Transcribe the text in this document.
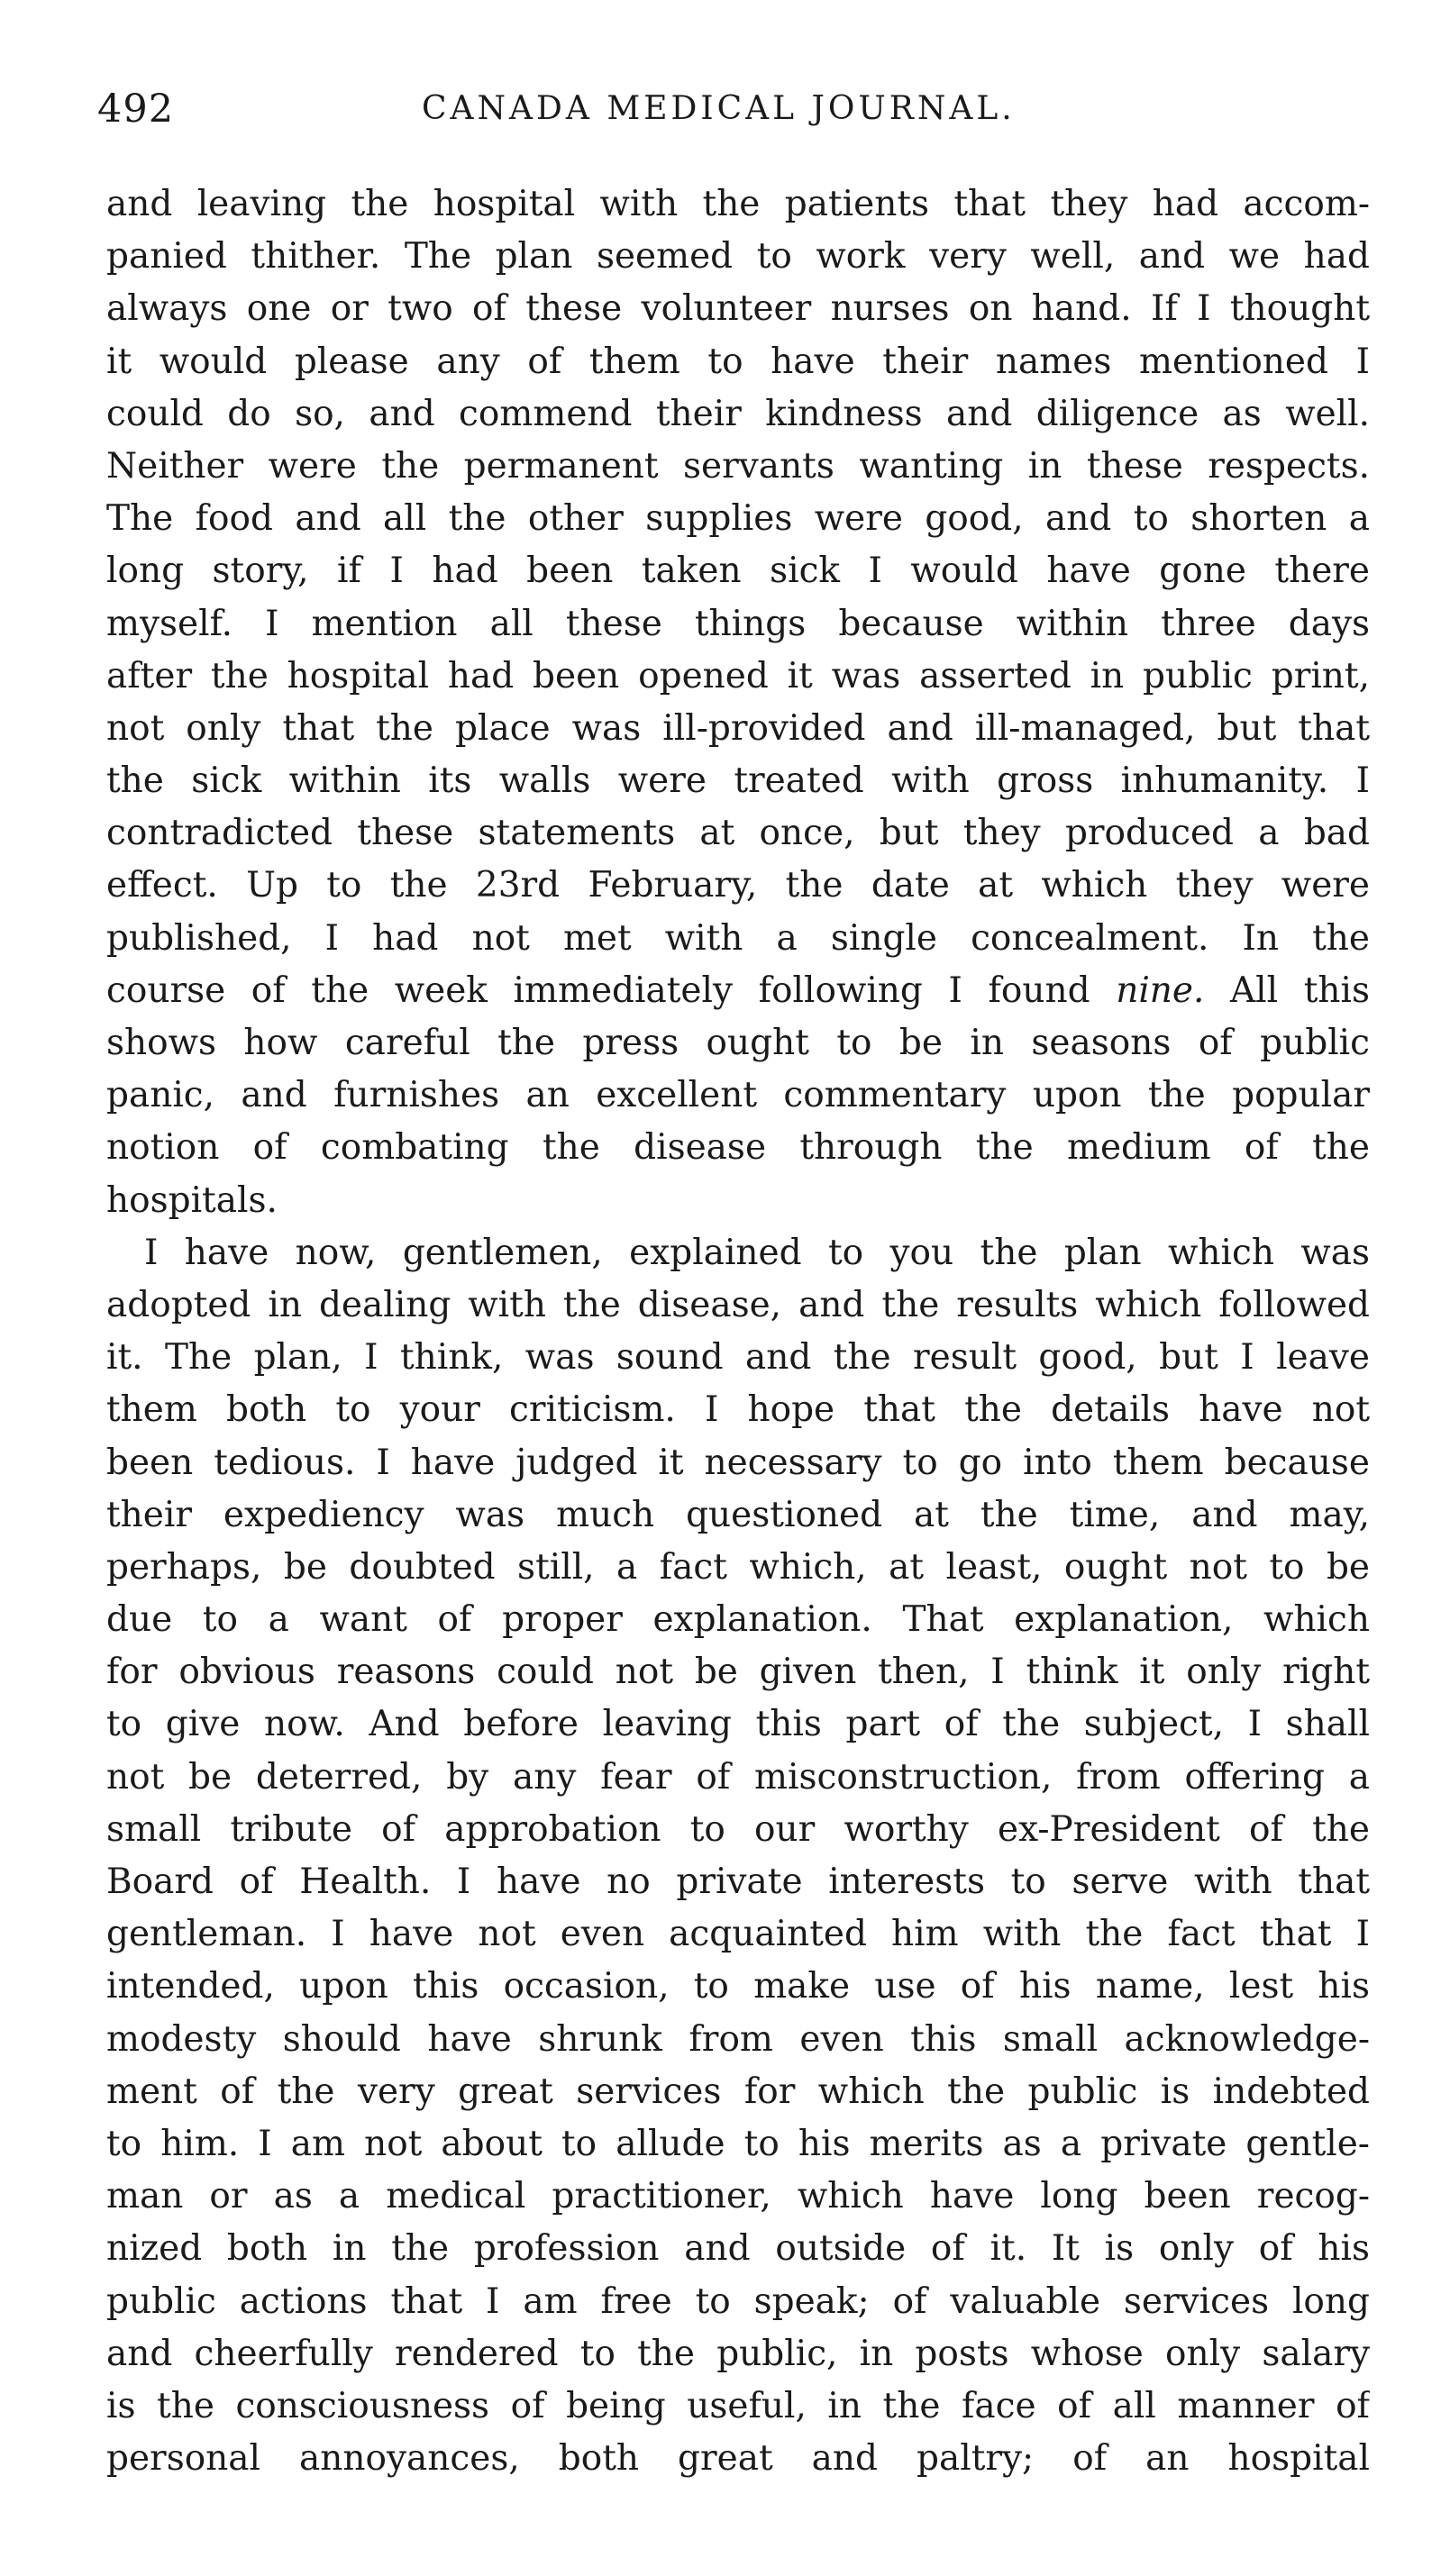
492	CANADA MEDICAL JOURNAL.
and leaving the hospital with the patients that they had accom-
panied thither. The plan seemed to work very well, and we had
always one or two of these volunteer nurses on hand. If I thought
it would please any of them to have their names mentioned I
could do so, and commend their kindness and diligence as well.
Neither were the permanent servants wanting in these respects.
The food and all the other supplies were good, and to shorten a
long story, if I had been taken sick I would have gone there
myself. I mention all these things because within three days
after the hospital had been opened it was asserted in public print,
not only that the place was ill-provided and ill-managed, but that
the sick within its walls were treated with gross inhumanity. I
contradicted these statements at once, but they produced a bad
effect. Up to the 23rd February, the date at which they were
published, I had not met with a single concealment. In the
course of the week immediately following I found nine. All this
shows how careful the press ought to be in seasons of public
panic, and furnishes an excellent commentary upon the popular
notion of combating the disease through the medium of the
hospitals.
I have now, gentlemen, explained to you the plan which was
adopted in dealing with the disease, and the results which followed
it. The plan, I think, was sound and the result good, but I leave
them both to your criticism. I hope that the details have not
been tedious. I have judged it necessary to go into them because
their expediency was much questioned at the time, and may,
perhaps, be doubted still, a fact which, at least, ought not to be
due to a want of proper explanation. That explanation, which
for obvious reasons could not be given then, I think it only right
to give now. And before leaving this part of the subject, I shall
not be deterred, by any fear of misconstruction, from offering a
small tribute of approbation to our worthy ex-President of the
Board of Health. I have no private interests to serve with that
gentleman. I have not even acquainted him with the fact that I
intended, upon this occasion, to make use of his name, lest his
modesty should have shrunk from even this small acknowledge-
ment of the very great services for which the public is indebted
to him. I am not about to allude to his merits as a private gentle-
man or as a medical practitioner, which have long been recog-
nized both in the profession and outside of it. It is only of his
public actions that I am free to speak; of valuable services long
and cheerfully rendered to the public, in posts whose only salary
is the consciousness of being useful, in the face of all manner of
personal annoyances, both great and paltry; of an hospital
